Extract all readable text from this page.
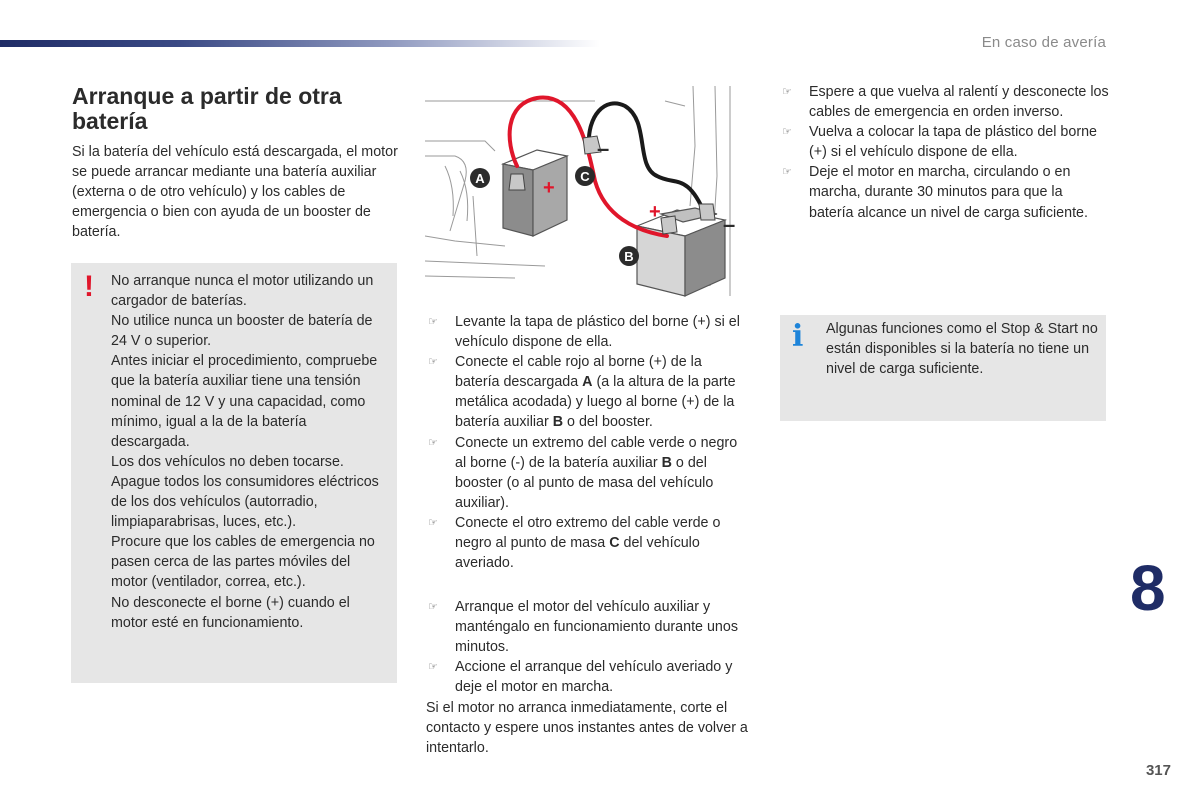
En caso de avería
Arranque a partir de otra batería

Si la batería del vehículo está descargada, el motor se puede arrancar mediante una batería auxiliar (externa o de otro vehículo) y los cables de emergencia o bien con ayuda de un booster de batería.

! No arranque nunca el motor utilizando un cargador de baterías.
No utilice nunca un booster de batería de 24 V o superior.
Antes iniciar el procedimiento, compruebe que la batería auxiliar tiene una tensión nominal de 12 V y una capacidad, como mínimo, igual a la de la batería descargada.
Los dos vehículos no deben tocarse.
Apague todos los consumidores eléctricos de los dos vehículos (autorradio, limpiaparabrisas, luces, etc.).
Procure que los cables de emergencia no pasen cerca de las partes móviles del motor (ventilador, correa, etc.).
No desconecte el borne (+) cuando el motor esté en funcionamiento.

+
+
–
–
A	C
B
☞ Levante la tapa de plástico del borne (+) si el vehículo dispone de ella.
☞ Conecte el cable rojo al borne (+) de la batería descargada A (a la altura de la parte metálica acodada) y luego al borne (+) de la batería auxiliar B o del booster.
☞ Conecte un extremo del cable verde o negro al borne (-) de la batería auxiliar B o del booster (o al punto de masa del vehículo auxiliar).
☞ Conecte el otro extremo del cable verde o negro al punto de masa C del vehículo averiado.
☞ Arranque el motor del vehículo auxiliar y manténgalo en funcionamiento durante unos minutos.
☞ Accione el arranque del vehículo averiado y deje el motor en marcha.

Si el motor no arranca inmediatamente, corte el contacto y espere unos instantes antes de volver a intentarlo.

☞ Espere a que vuelva al ralentí y desconecte los cables de emergencia en orden inverso.
☞ Vuelva a colocar la tapa de plástico del borne (+) si el vehículo dispone de ella.
☞ Deje el motor en marcha, circulando o en marcha, durante 30 minutos para que la batería alcance un nivel de carga suficiente.
i Algunas funciones como el Stop & Start no están disponibles si la batería no tiene un nivel de carga suficiente.

8
317
